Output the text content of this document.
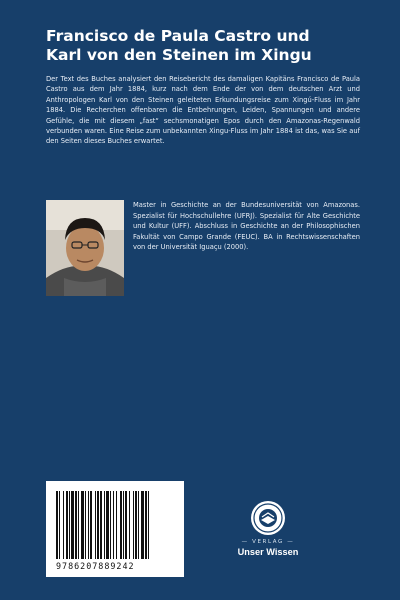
Francisco de Paula Castro und
Karl von den Steinen im Xingu
Der Text des Buches analysiert den Reisebericht des damaligen Kapitäns Francisco de Paula Castro aus dem Jahr 1884, kurz nach dem Ende der von dem deutschen Arzt und Anthropologen Karl von den Steinen geleiteten Erkundungsreise zum Xingú-Fluss im Jahr 1884. Die Recherchen offenbaren die Entbehrungen, Leiden, Spannungen und andere Gefühle, die mit diesem „fast“ sechsmonatigen Epos durch den Amazonas-Regenwald verbunden waren. Eine Reise zum unbekannten Xingu-Fluss im Jahr 1884 ist das, was Sie auf den Seiten dieses Buches erwartet.
Master in Geschichte an der Bundesuniversität von Amazonas. Spezialist für Hochschullehre (UFRJ). Spezialist für Alte Geschichte und Kultur (UFF). Abschluss in Geschichte an der Philosophischen Fakultät von Campo Grande (FEUC). BA in Rechtswissenschaften von der Universität Iguaçu (2000).
9786207889242
— VERLAG —
Unser Wissen
